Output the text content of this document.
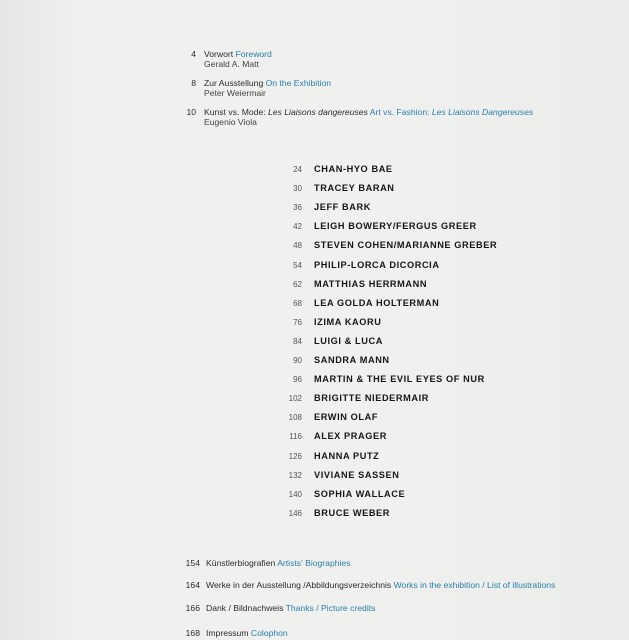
4 Vorwort Foreword
Gerald A. Matt
8 Zur Ausstellung On the Exhibition
Peter Weiermair
10 Kunst vs. Mode: Les Liaisons dangereuses Art vs. Fashion: Les Liaisons Dangereuses
Eugenio Viola
24 CHAN-HYO BAE
30 TRACEY BARAN
36 JEFF BARK
42 LEIGH BOWERY/FERGUS GREER
48 STEVEN COHEN/MARIANNE GREBER
54 PHILIP-LORCA DICORCIA
62 MATTHIAS HERRMANN
68 LEA GOLDA HOLTERMAN
76 IZIMA KAORU
84 LUIGI & LUCA
90 SANDRA MANN
96 MARTIN & THE EVIL EYES OF NUR
102 BRIGITTE NIEDERMAIR
108 ERWIN OLAF
116 ALEX PRAGER
126 HANNA PUTZ
132 VIVIANE SASSEN
140 SOPHIA WALLACE
146 BRUCE WEBER
154 Künstlerbiografien Artists' Biographies
164 Werke in der Ausstellung /Abbildungsverzeichnis Works in the exhibition / List of illustrations
166 Dank / Bildnachweis Thanks / Picture credits
168 Impressum Colophon
